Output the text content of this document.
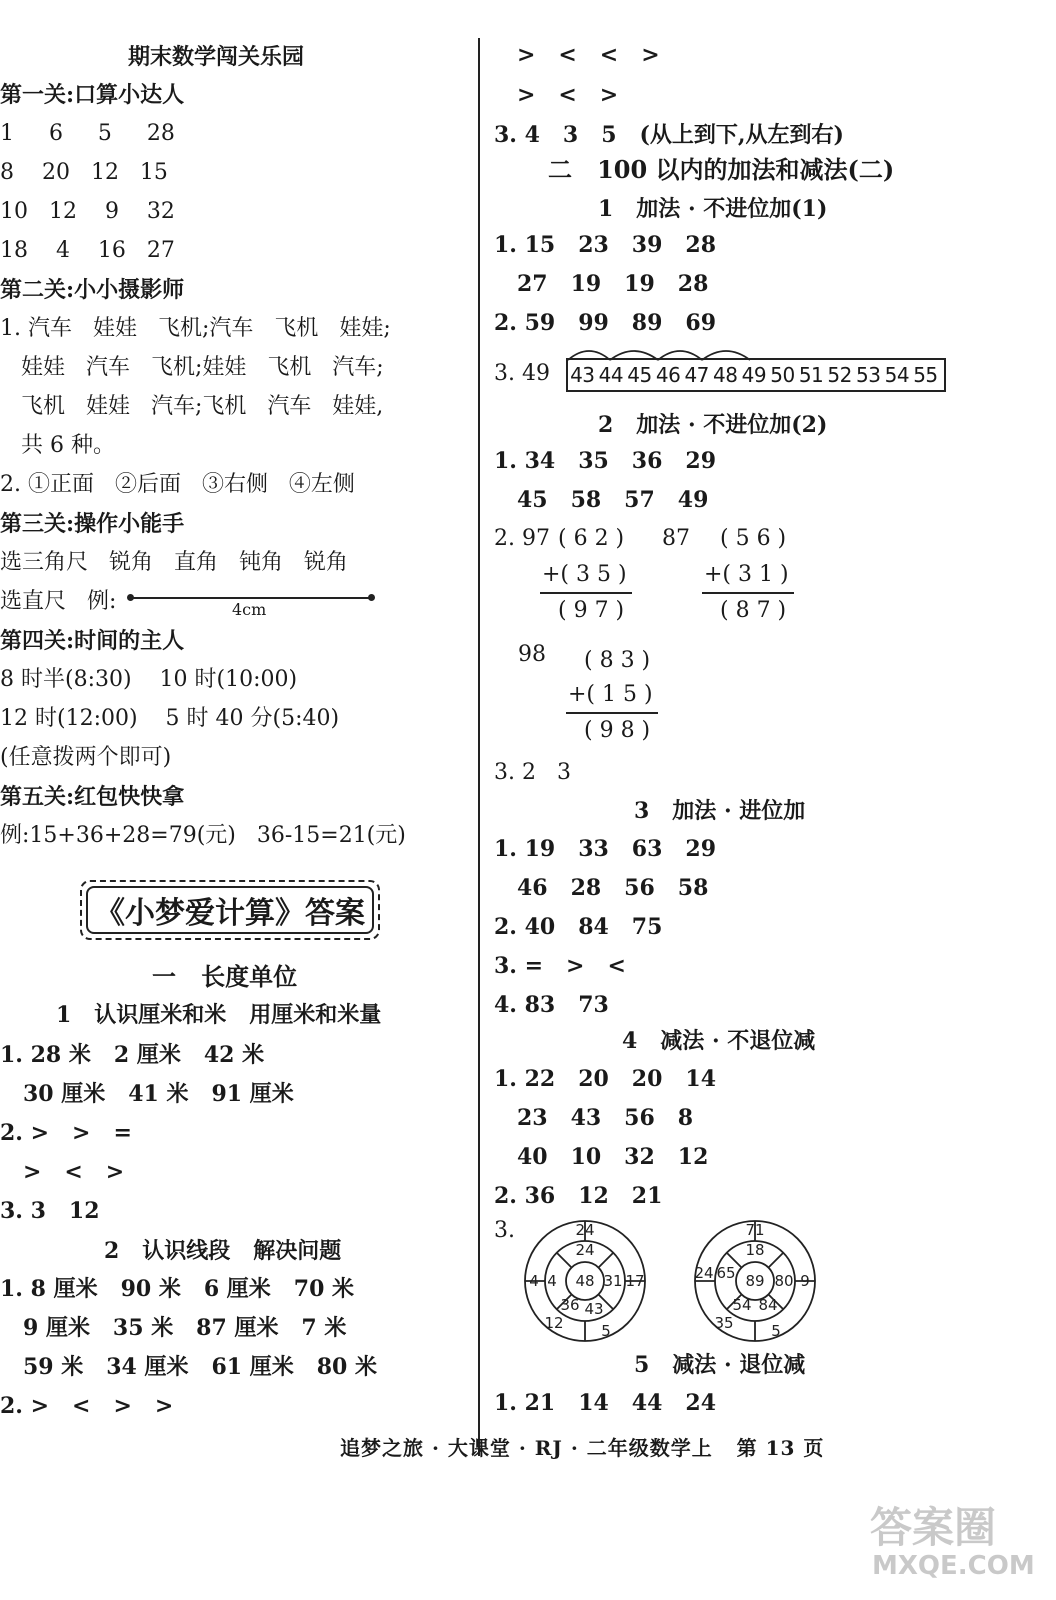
期末数学闯关乐园
第一关:口算小达人
1     6     5     28
8    20   12   15
10   12    9    32
18    4    16   27
第二关:小小摄影师
1. 汽车   娃娃   飞机;汽车   飞机   娃娃;
娃娃   汽车   飞机;娃娃   飞机   汽车;
飞机   娃娃   汽车;飞机   汽车   娃娃,
共 6 种。
2. ①正面   ②后面   ③右侧   ④左侧
第三关:操作小能手
选三角尺   锐角   直角   钝角   锐角
选直尺   例:
第四关:时间的主人
8 时半(8:30)    10 时(10:00)
12 时(12:00)    5 时 40 分(5:40)
(任意拨两个即可)
第五关:红包快快拿
例:15+36+28=79(元)   36-15=21(元)
4cm
《小梦爱计算》答案
一   长度单位
1   认识厘米和米   用厘米和米量
1. 28 米   2 厘米   42 米
30 厘米   41 米   91 厘米
2. >   >   =
>   <   >
3. 3   12
2   认识线段   解决问题
1. 8 厘米   90 米   6 厘米   70 米
9 厘米   35 米   87 厘米   7 米
59 米   34 厘米   61 厘米   80 米
2. >   <   >   >
>   <   <   >
>   <   >
3. 4   3   5   (从上到下,从左到右)
二   100 以内的加法和减法(二)
1   加法 · 不进位加(1)
1. 15   23   39   28
27   19   19   28
2. 59   99   89   69
3. 49 43 44 45 46 47 48 49 50 51 52 53 54 55
2   加法 · 不进位加(2)
1. 34   35   36   29
45   58   57   49
2. 97 ( 6 2 )
+( 3 5 )
( 9 7 )
87 ( 5 6 )
+( 3 1 )
( 8 7 )
98 ( 8 3 )
+( 1 5 )
( 9 8 )
3. 2   3
3   加法 · 进位加
1. 19   33   63   29
46   28   56   58
2. 40   84   75
3. =   >   <
4. 83   73
4   减法 · 不退位减
1. 22   20   20   14
23   43   56   8
40   10   32   12
2. 36   12   21
3.
48
24
31
43
36
24
17
5
12
4 4	89
18
80
84
54
65
71
9
5
35
24
5   减法 · 退位减
1. 21   14   44   24
追梦之旅 · 大课堂 · RJ · 二年级数学上   第 13 页
答案圈
MXQE.COM
